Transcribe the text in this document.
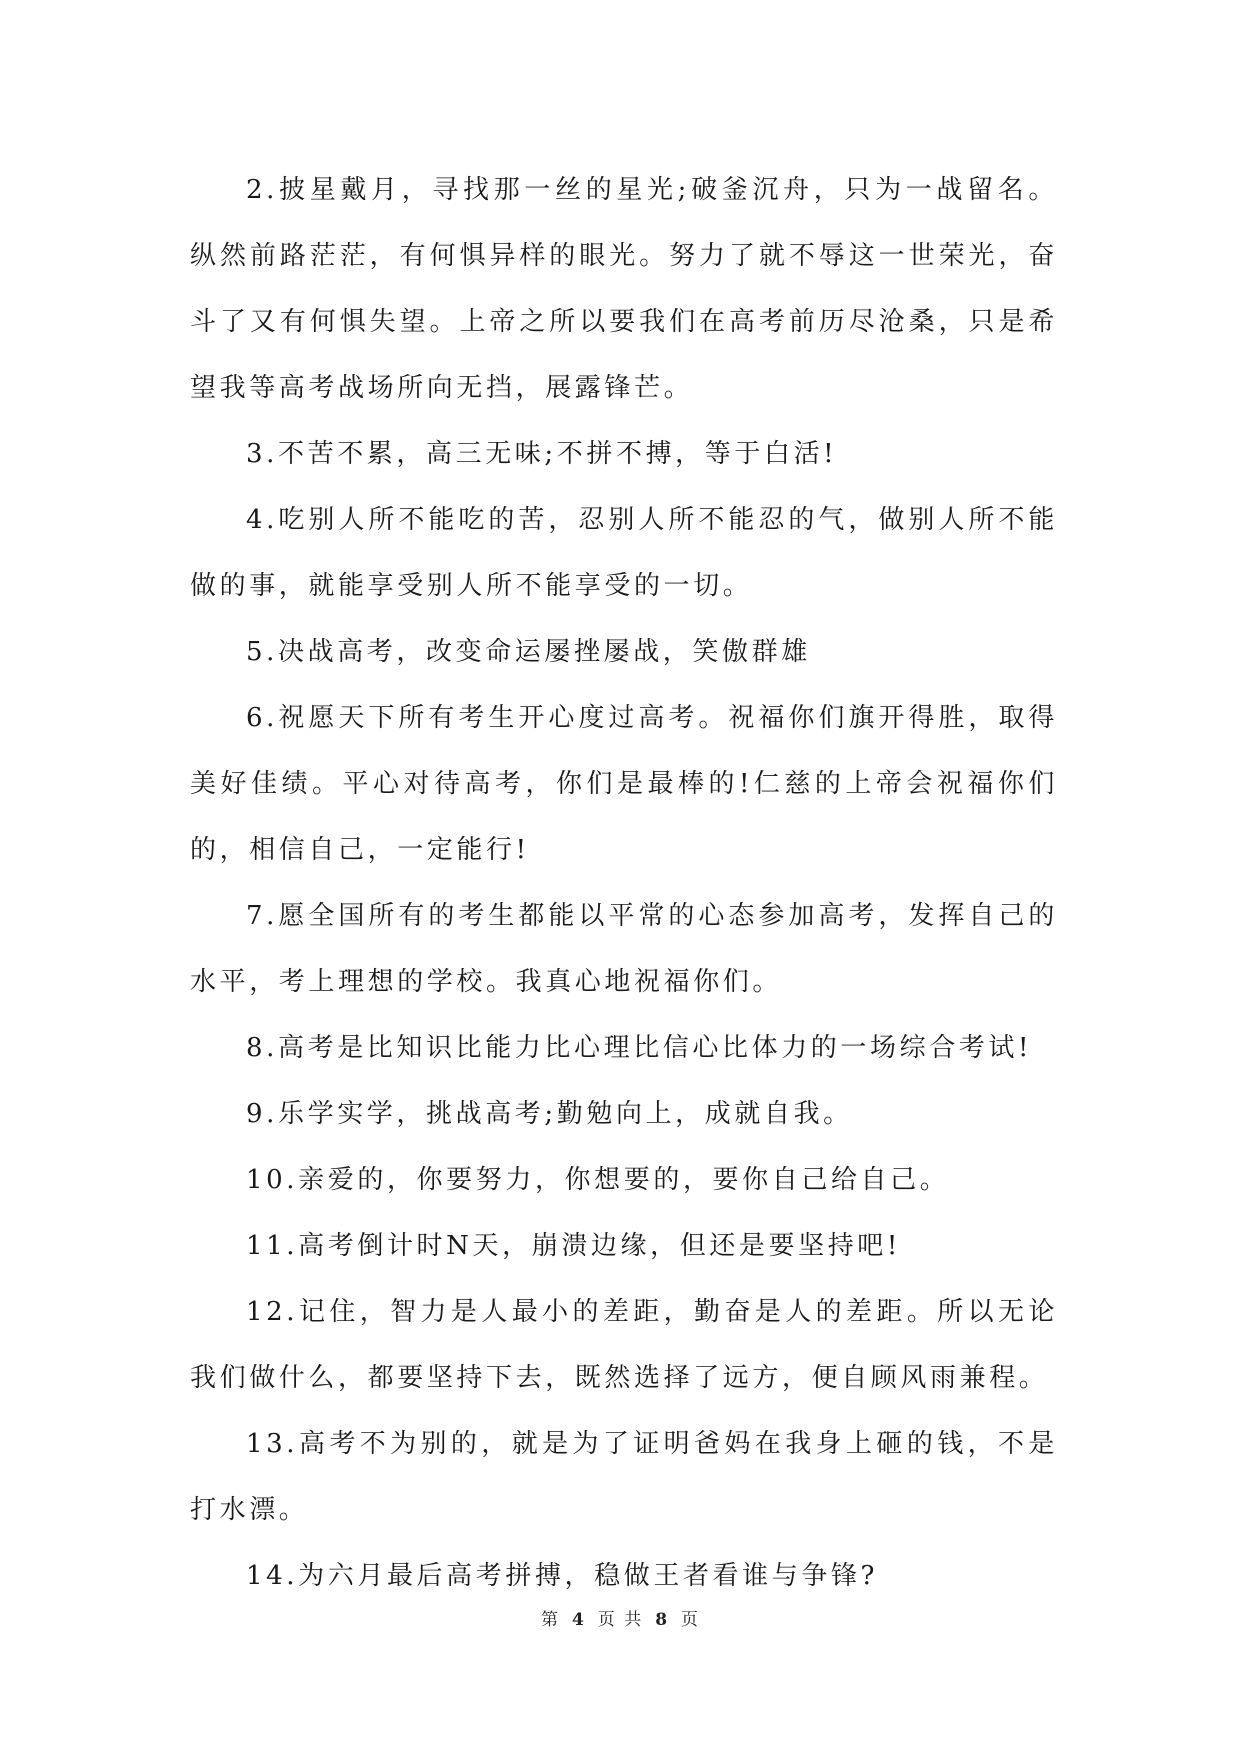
2.披星戴月，寻找那一丝的星光;破釜沉舟，只为一战留名。纵然前路茫茫，有何惧异样的眼光。努力了就不辱这一世荣光，奋斗了又有何惧失望。上帝之所以要我们在高考前历尽沧桑，只是希望我等高考战场所向无挡，展露锋芒。

3.不苦不累，高三无味;不拼不搏，等于白活!

4.吃别人所不能吃的苦，忍别人所不能忍的气，做别人所不能做的事，就能享受别人所不能享受的一切。

5.决战高考，改变命运屡挫屡战，笑傲群雄

6.祝愿天下所有考生开心度过高考。祝福你们旗开得胜，取得美好佳绩。平心对待高考，你们是最棒的!仁慈的上帝会祝福你们的，相信自己，一定能行!

7.愿全国所有的考生都能以平常的心态参加高考，发挥自己的水平，考上理想的学校。我真心地祝福你们。

8.高考是比知识比能力比心理比信心比体力的一场综合考试!

9.乐学实学，挑战高考;勤勉向上，成就自我。

10.亲爱的，你要努力，你想要的，要你自己给自己。

11.高考倒计时N天，崩溃边缘，但还是要坚持吧!

12.记住，智力是人最小的差距，勤奋是人的差距。所以无论我们做什么，都要坚持下去，既然选择了远方，便自顾风雨兼程。

13.高考不为别的，就是为了证明爸妈在我身上砸的钱，不是打水漂。

14.为六月最后高考拼搏，稳做王者看谁与争锋?

第 4 页 共 8 页
